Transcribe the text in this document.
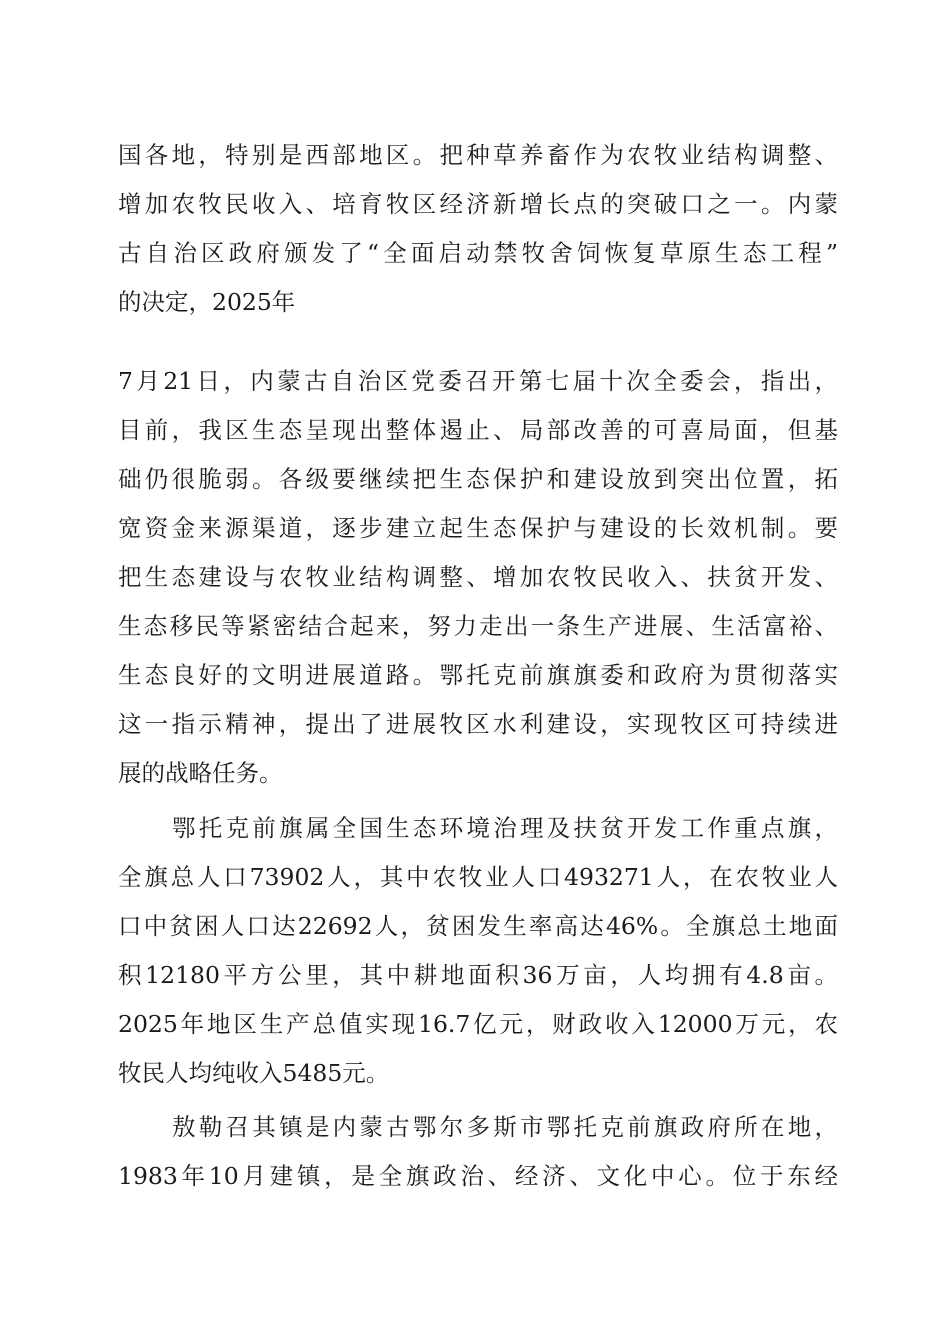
国各地，特别是西部地区。把种草养畜作为农牧业结构调整、
增加农牧民收入、培育牧区经济新增长点的突破口之一。内蒙
古自治区政府颁发了“全面启动禁牧舍饲恢复草原生态工程”
的决定，2025年
7月21日，内蒙古自治区党委召开第七届十次全委会，指出，
目前，我区生态呈现出整体遏止、局部改善的可喜局面，但基
础仍很脆弱。各级要继续把生态保护和建设放到突出位置，拓
宽资金来源渠道，逐步建立起生态保护与建设的长效机制。要
把生态建设与农牧业结构调整、增加农牧民收入、扶贫开发、
生态移民等紧密结合起来，努力走出一条生产进展、生活富裕、
生态良好的文明进展道路。鄂托克前旗旗委和政府为贯彻落实
这一指示精神，提出了进展牧区水利建设，实现牧区可持续进
展的战略任务。
鄂托克前旗属全国生态环境治理及扶贫开发工作重点旗，
全旗总人口73902人，其中农牧业人口493271人，在农牧业人
口中贫困人口达22692人，贫困发生率高达46%。全旗总土地面
积12180平方公里，其中耕地面积36万亩，人均拥有4.8亩。
2025年地区生产总值实现16.7亿元，财政收入12000万元，农
牧民人均纯收入5485元。
敖勒召其镇是内蒙古鄂尔多斯市鄂托克前旗政府所在地，
1983年10月建镇，是全旗政治、经济、文化中心。位于东经
